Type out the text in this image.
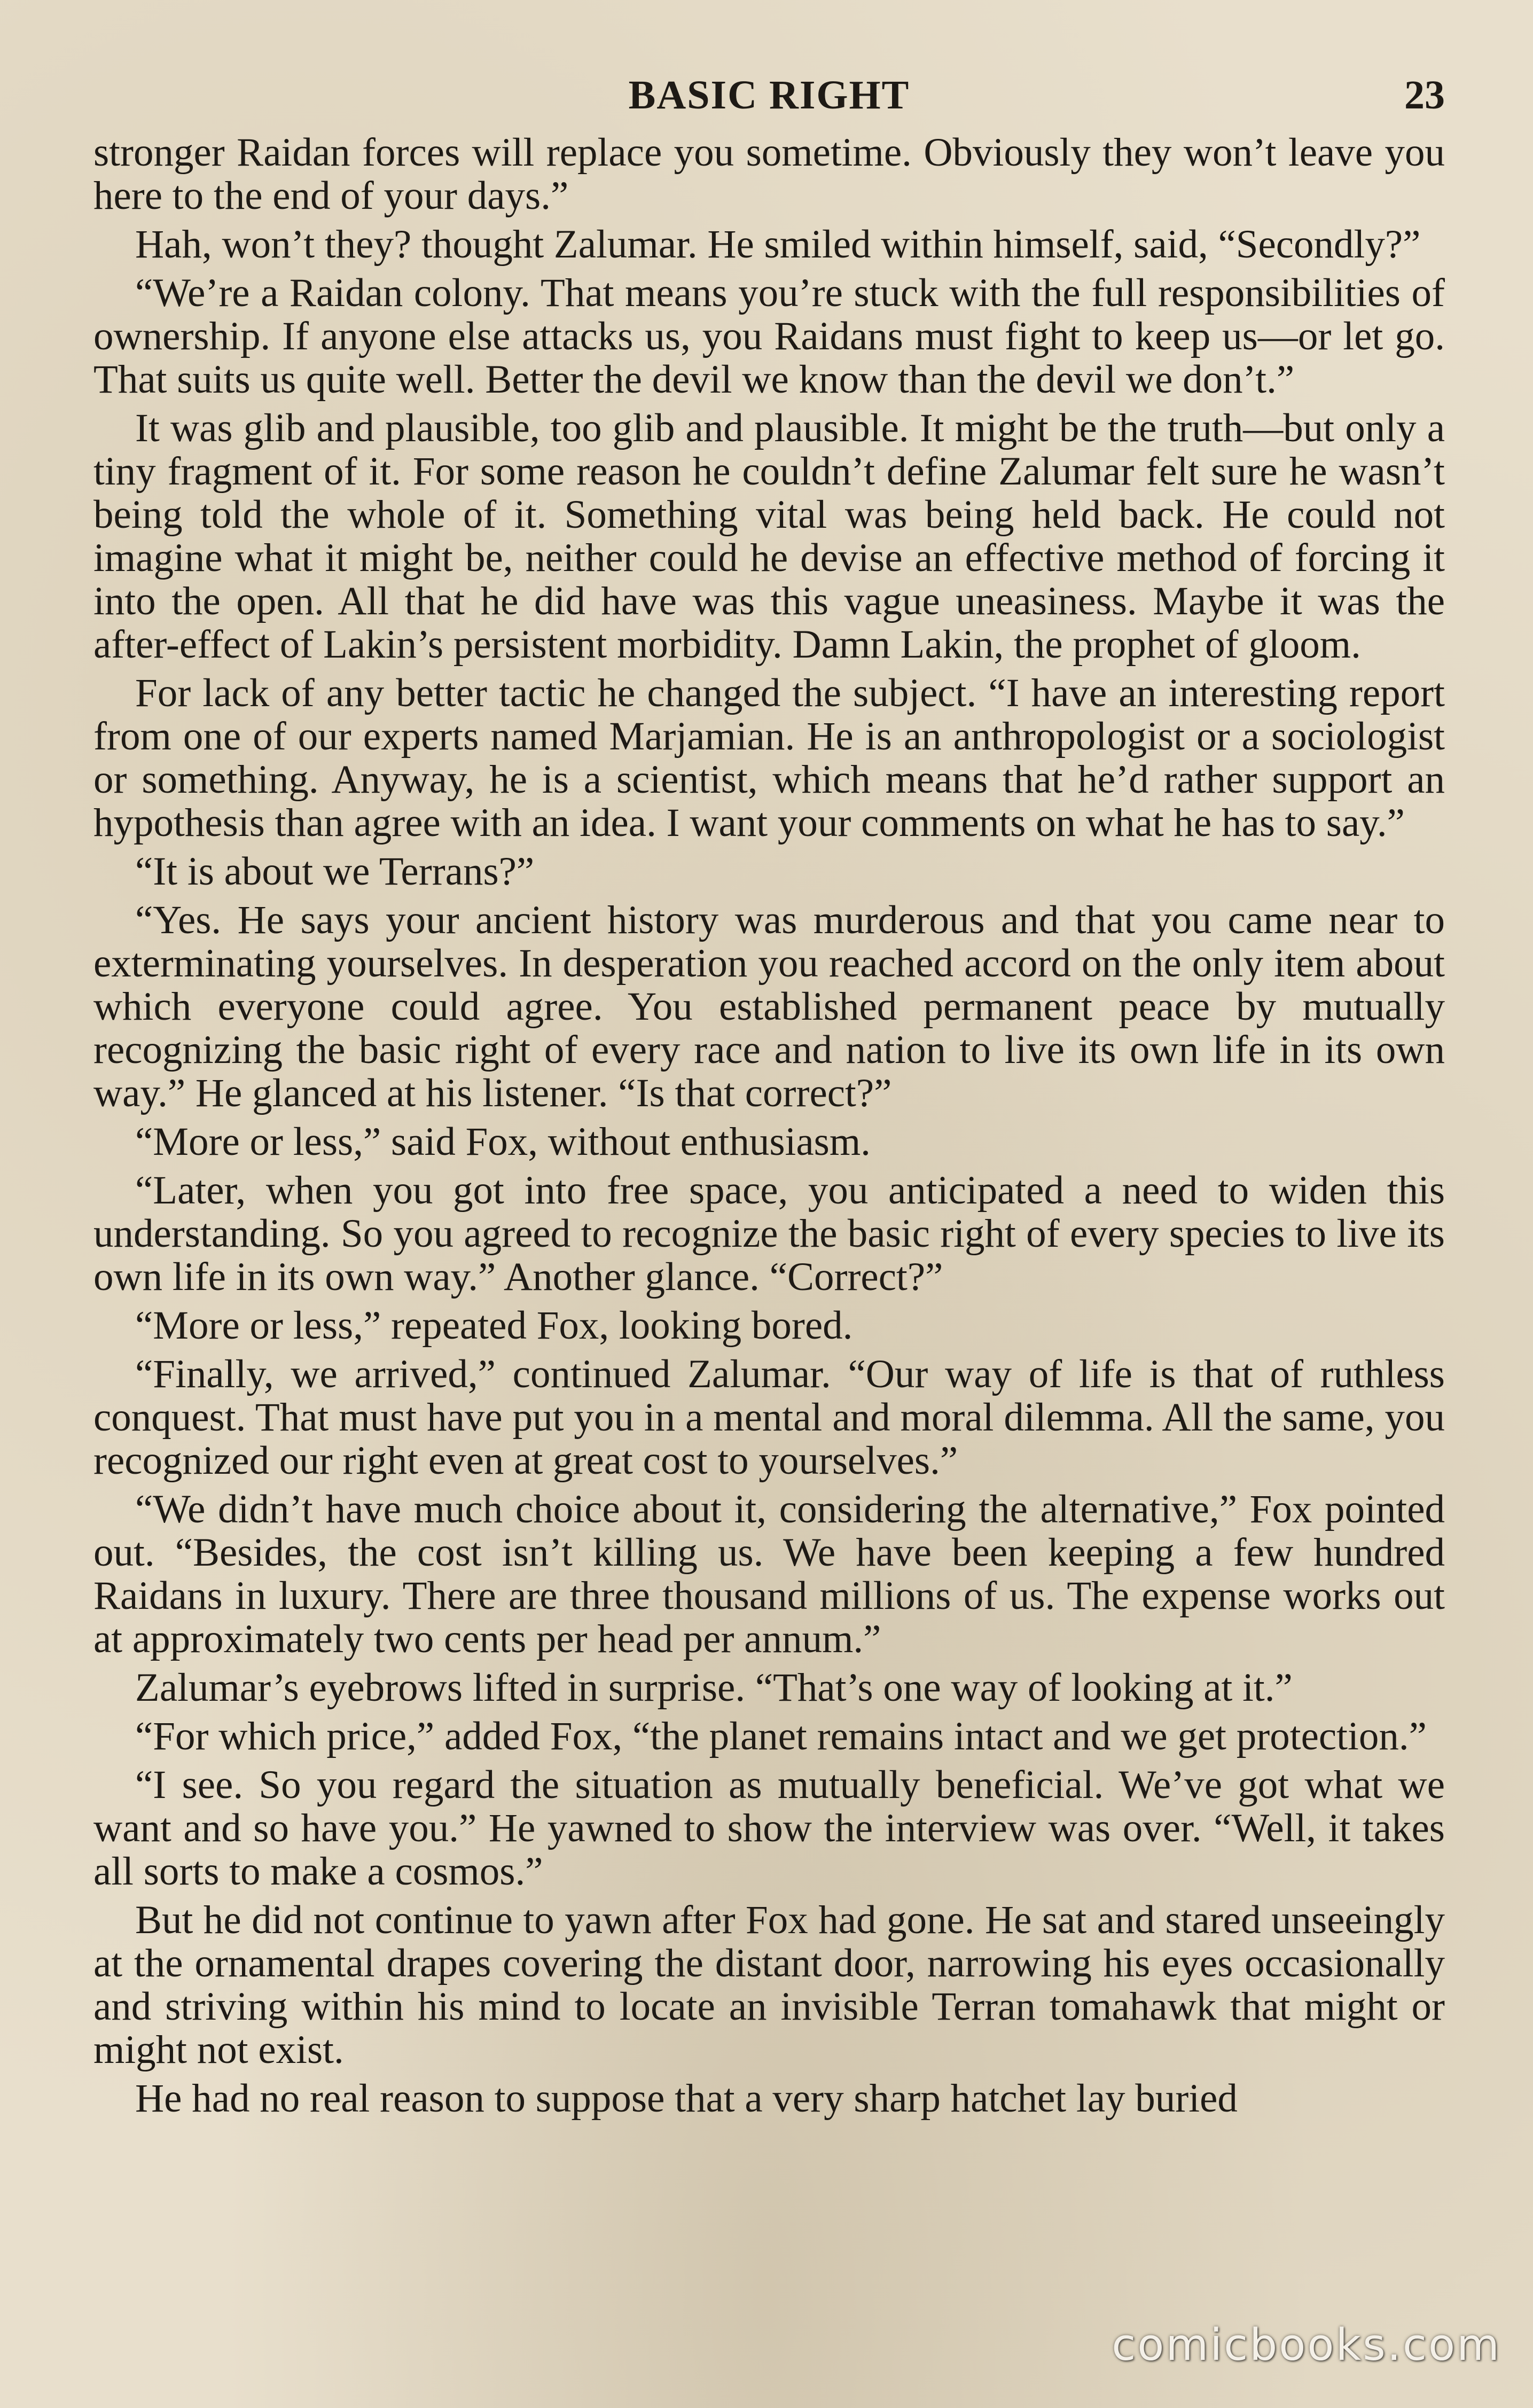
BASIC RIGHT	23

stronger Raidan forces will replace you sometime. Obviously they won’t leave you here to the end of your days.”

Hah, won’t they? thought Zalumar. He smiled within himself, said, “Secondly?”

“We’re a Raidan colony. That means you’re stuck with the full responsibilities of ownership. If anyone else attacks us, you Raidans must fight to keep us—or let go. That suits us quite well. Better the devil we know than the devil we don’t.”

It was glib and plausible, too glib and plausible. It might be the truth—but only a tiny fragment of it. For some reason he couldn’t define Zalumar felt sure he wasn’t being told the whole of it. Something vital was being held back. He could not imagine what it might be, neither could he devise an effective method of forcing it into the open. All that he did have was this vague uneasiness. Maybe it was the after-effect of Lakin’s persistent morbidity. Damn Lakin, the prophet of gloom.

For lack of any better tactic he changed the subject. “I have an interesting report from one of our experts named Marjamian. He is an anthropologist or a sociologist or something. Anyway, he is a scientist, which means that he’d rather support an hypothesis than agree with an idea. I want your comments on what he has to say.”

“It is about we Terrans?”

“Yes. He says your ancient history was murderous and that you came near to exterminating yourselves. In desperation you reached accord on the only item about which everyone could agree. You established permanent peace by mutually recognizing the basic right of every race and nation to live its own life in its own way.” He glanced at his listener. “Is that correct?”

“More or less,” said Fox, without enthusiasm.

“Later, when you got into free space, you anticipated a need to widen this understanding. So you agreed to recognize the basic right of every species to live its own life in its own way.” Another glance. “Correct?”

“More or less,” repeated Fox, looking bored.

“Finally, we arrived,” continued Zalumar. “Our way of life is that of ruthless conquest. That must have put you in a mental and moral dilemma. All the same, you recognized our right even at great cost to yourselves.”

“We didn’t have much choice about it, considering the alternative,” Fox pointed out. “Besides, the cost isn’t killing us. We have been keeping a few hundred Raidans in luxury. There are three thousand millions of us. The expense works out at approximately two cents per head per annum.”

Zalumar’s eyebrows lifted in surprise. “That’s one way of looking at it.”

“For which price,” added Fox, “the planet remains intact and we get protection.”

“I see. So you regard the situation as mutually beneficial. We’ve got what we want and so have you.” He yawned to show the interview was over. “Well, it takes all sorts to make a cosmos.”

But he did not continue to yawn after Fox had gone. He sat and stared unseeingly at the ornamental drapes covering the distant door, narrowing his eyes occasionally and striving within his mind to locate an invisible Terran tomahawk that might or might not exist.

He had no real reason to suppose that a very sharp hatchet lay buried

comicbooks.com
